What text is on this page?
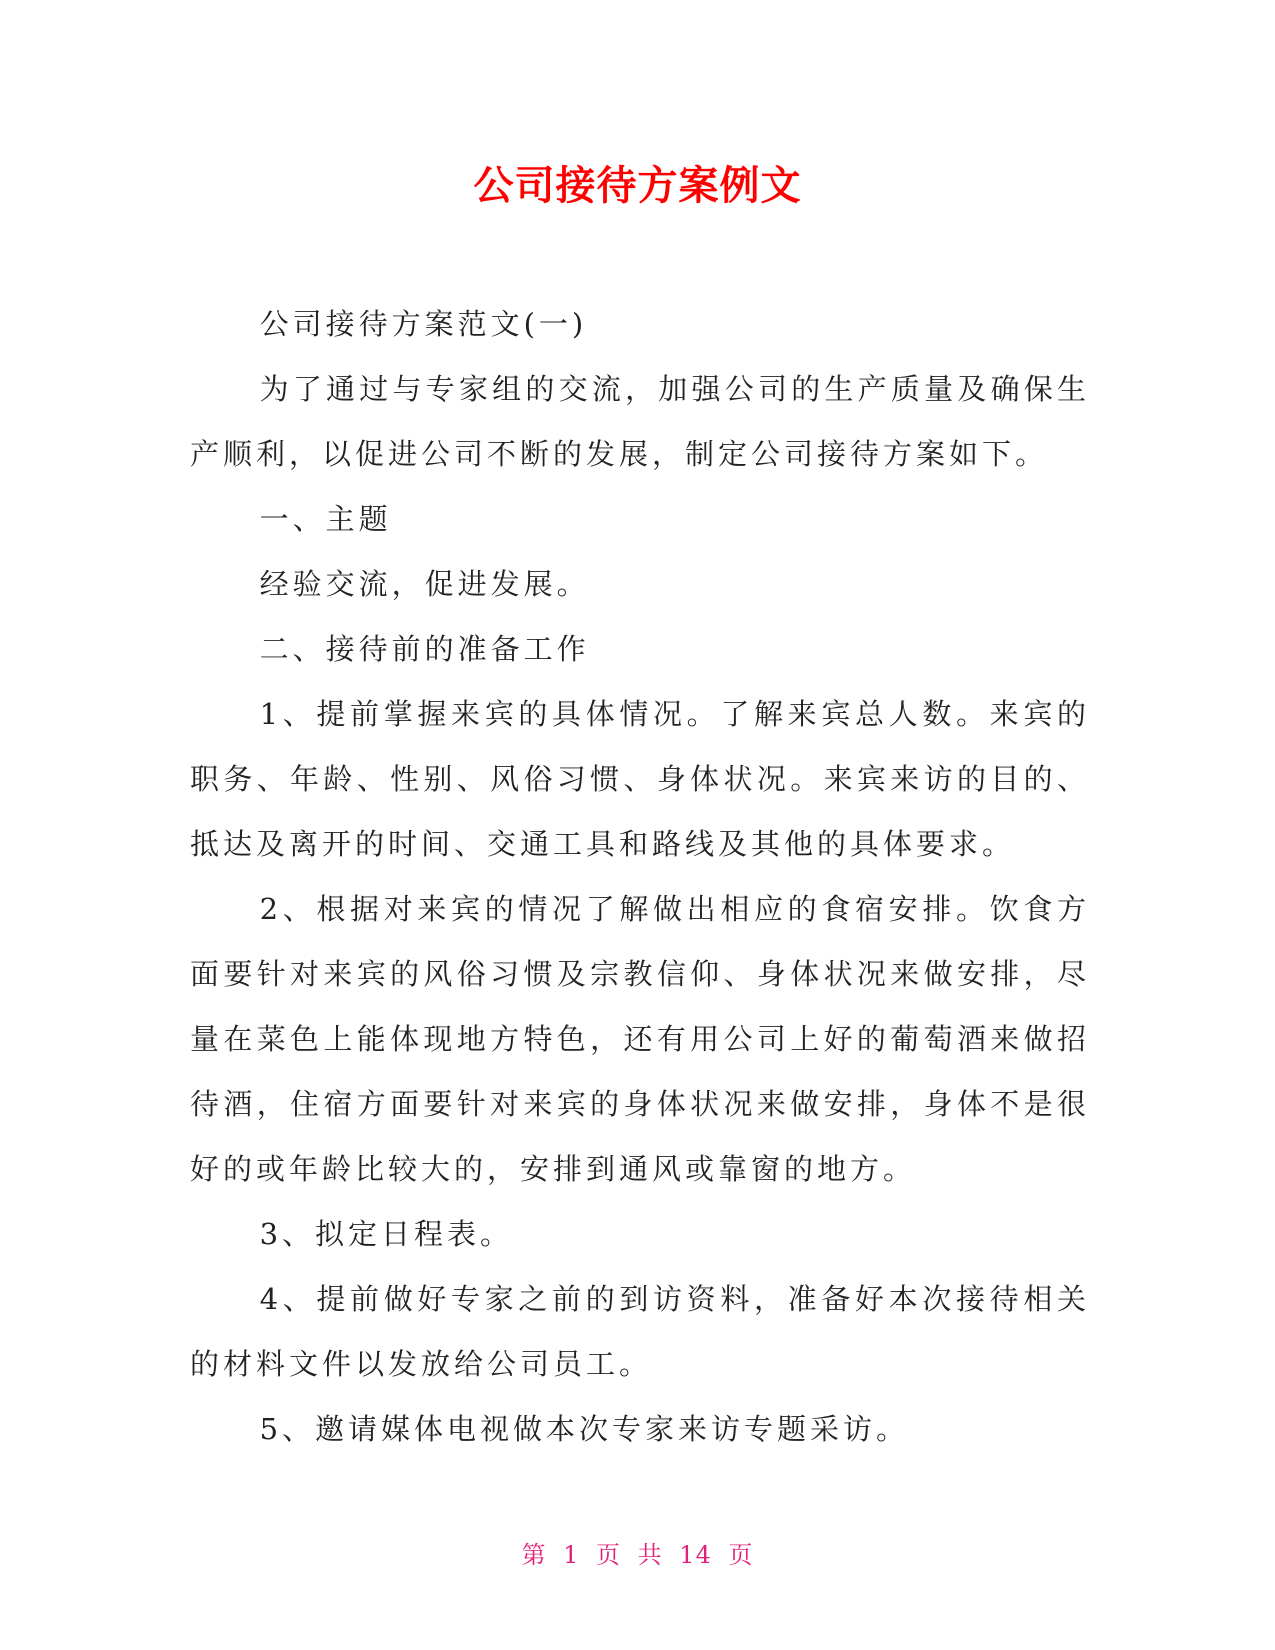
公司接待方案例文

公司接待方案范文(一)

为了通过与专家组的交流，加强公司的生产质量及确保生产顺利，以促进公司不断的发展，制定公司接待方案如下。

一、主题

经验交流，促进发展。

二、接待前的准备工作

1、提前掌握来宾的具体情况。了解来宾总人数。来宾的职务、年龄、性别、风俗习惯、身体状况。来宾来访的目的、抵达及离开的时间、交通工具和路线及其他的具体要求。

2、根据对来宾的情况了解做出相应的食宿安排。饮食方面要针对来宾的风俗习惯及宗教信仰、身体状况来做安排，尽量在菜色上能体现地方特色，还有用公司上好的葡萄酒来做招待酒，住宿方面要针对来宾的身体状况来做安排，身体不是很好的或年龄比较大的，安排到通风或靠窗的地方。

3、拟定日程表。

4、提前做好专家之前的到访资料，准备好本次接待相关的材料文件以发放给公司员工。

5、邀请媒体电视做本次专家来访专题采访。

第 1 页 共 14 页
